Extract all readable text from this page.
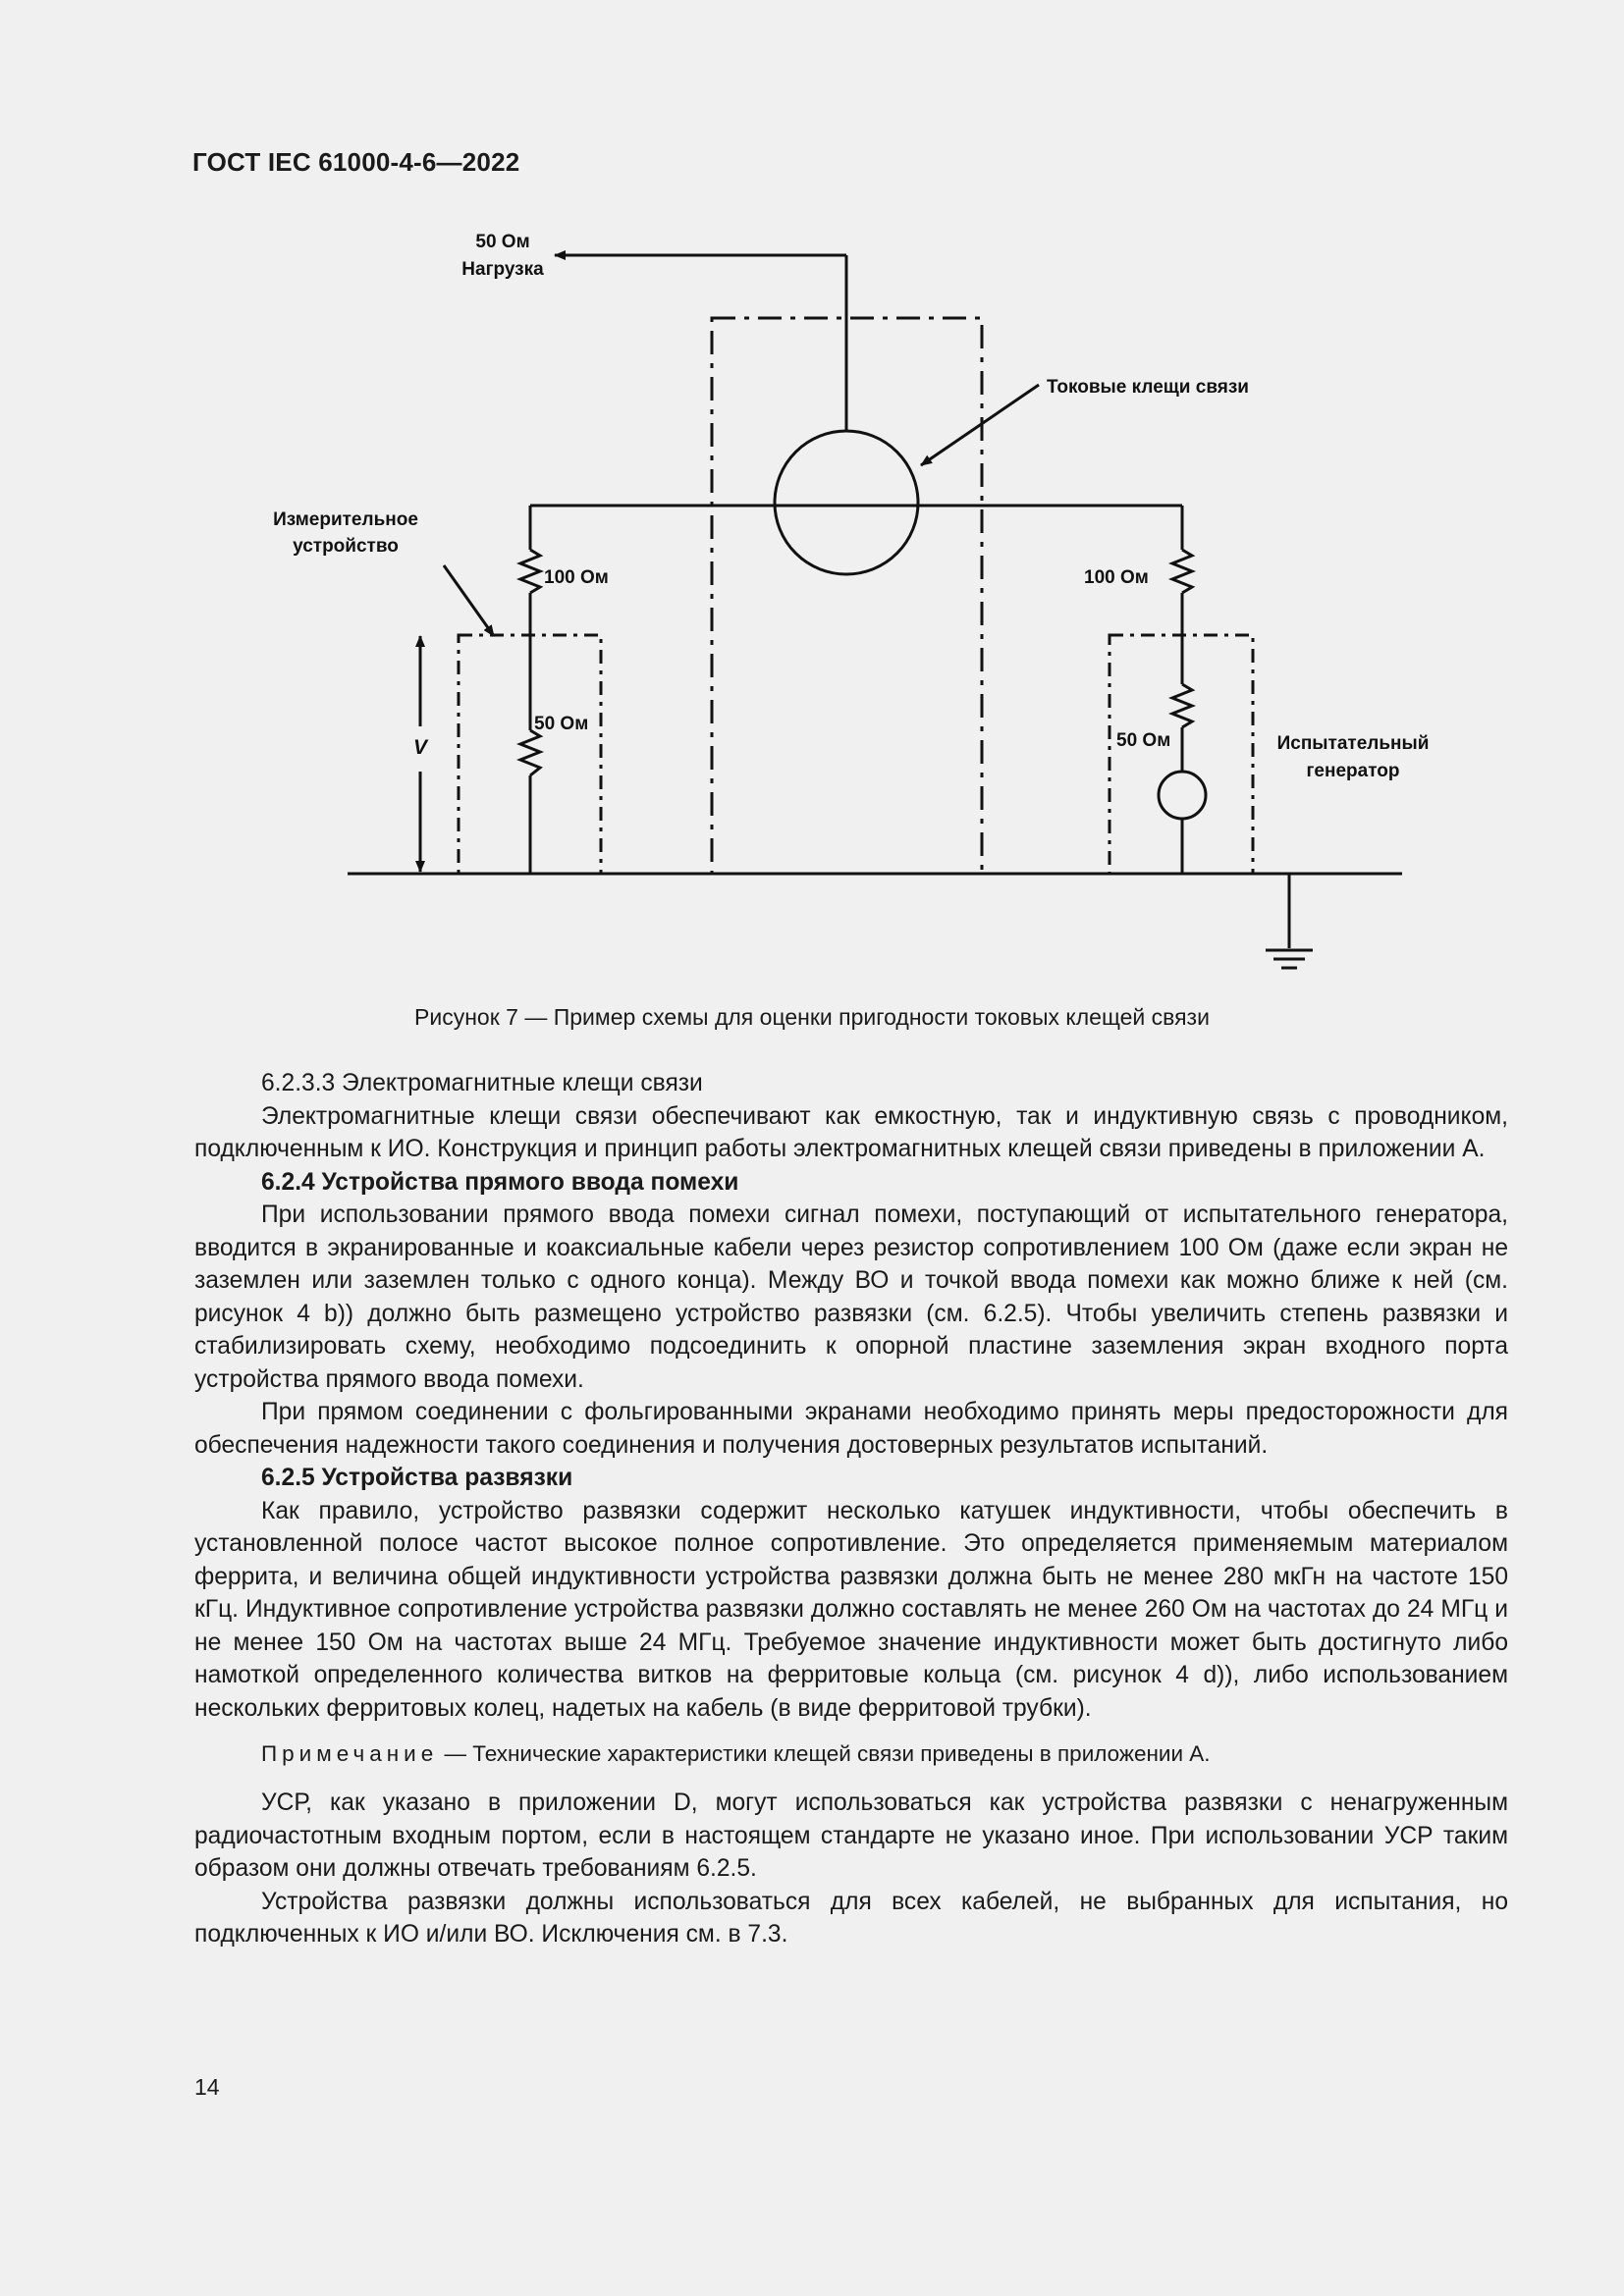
ГОСТ IEC 61000-4-6—2022
50 Ом
Нагрузка
Токовые клещи связи
100 Ом
50 Ом
Измерительное
устройство
V
100 Ом
50 Ом	Испытательный
генератор
Рисунок 7 — Пример схемы для оценки пригодности токовых клещей связи

6.2.3.3 Электромагнитные клещи связи

Электромагнитные клещи связи обеспечивают как емкостную, так и индуктивную связь с проводником, подключенным к ИО. Конструкция и принцип работы электромагнитных клещей связи приведены в приложении А.

6.2.4 Устройства прямого ввода помехи

При использовании прямого ввода помехи сигнал помехи, поступающий от испытательного генератора, вводится в экранированные и коаксиальные кабели через резистор сопротивлением 100 Ом (даже если экран не заземлен или заземлен только с одного конца). Между ВО и точкой ввода помехи как можно ближе к ней (см. рисунок 4 b)) должно быть размещено устройство развязки (см. 6.2.5). Чтобы увеличить степень развязки и стабилизировать схему, необходимо подсоединить к опорной пластине заземления экран входного порта устройства прямого ввода помехи.

При прямом соединении с фольгированными экранами необходимо принять меры предосторожности для обеспечения надежности такого соединения и получения достоверных результатов испытаний.

6.2.5 Устройства развязки

Как правило, устройство развязки содержит несколько катушек индуктивности, чтобы обеспечить в установленной полосе частот высокое полное сопротивление. Это определяется применяемым материалом феррита, и величина общей индуктивности устройства развязки должна быть не менее 280 мкГн на частоте 150 кГц. Индуктивное сопротивление устройства развязки должно составлять не менее 260 Ом на частотах до 24 МГц и не менее 150 Ом на частотах выше 24 МГц. Требуемое значение индуктивности может быть достигнуто либо намоткой определенного количества витков на ферритовые кольца (см. рисунок 4 d)), либо использованием нескольких ферритовых колец, надетых на кабель (в виде ферритовой трубки).

Примечание — Технические характеристики клещей связи приведены в приложении А.

УСР, как указано в приложении D, могут использоваться как устройства развязки с ненагруженным радиочастотным входным портом, если в настоящем стандарте не указано иное. При использовании УСР таким образом они должны отвечать требованиям 6.2.5.

Устройства развязки должны использоваться для всех кабелей, не выбранных для испытания, но подключенных к ИО и/или ВО. Исключения см. в 7.3.

14
